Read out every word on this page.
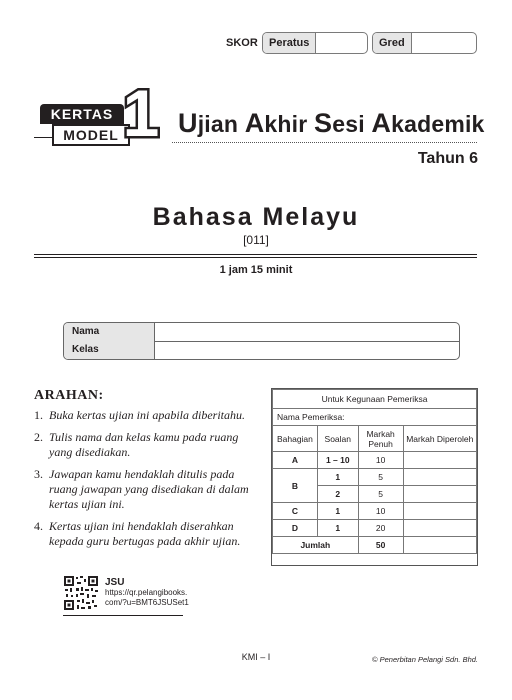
SKOR	Peratus	Gred
KERTAS
MODEL 1 Ujian Akhir Sesi Akademik
Tahun 6
Bahasa Melayu
[011]
1 jam 15 minit
Nama
Kelas
ARAHAN:
1. Buka kertas ujian ini apabila diberitahu.
2. Tulis nama dan kelas kamu pada ruang yang disediakan.
3. Jawapan kamu hendaklah ditulis pada ruang jawapan yang disediakan di dalam kertas ujian ini.
4. Kertas ujian ini hendaklah diserahkan kepada guru bertugas pada akhir ujian.
Untuk Kegunaan Pemeriksa			
Nama Pemeriksa:			
Bahagian	Soalan	Markah Penuh	Markah Diperoleh
A	1 – 10	10	
B	1	5	
	2	5	
C	1	10	
D	1	20	
Jumlah		50	
JSU
https://qr.pelangibooks.
com/?u=BMT6JSUSet1
KMI – I	© Penerbitan Pelangi Sdn. Bhd.
